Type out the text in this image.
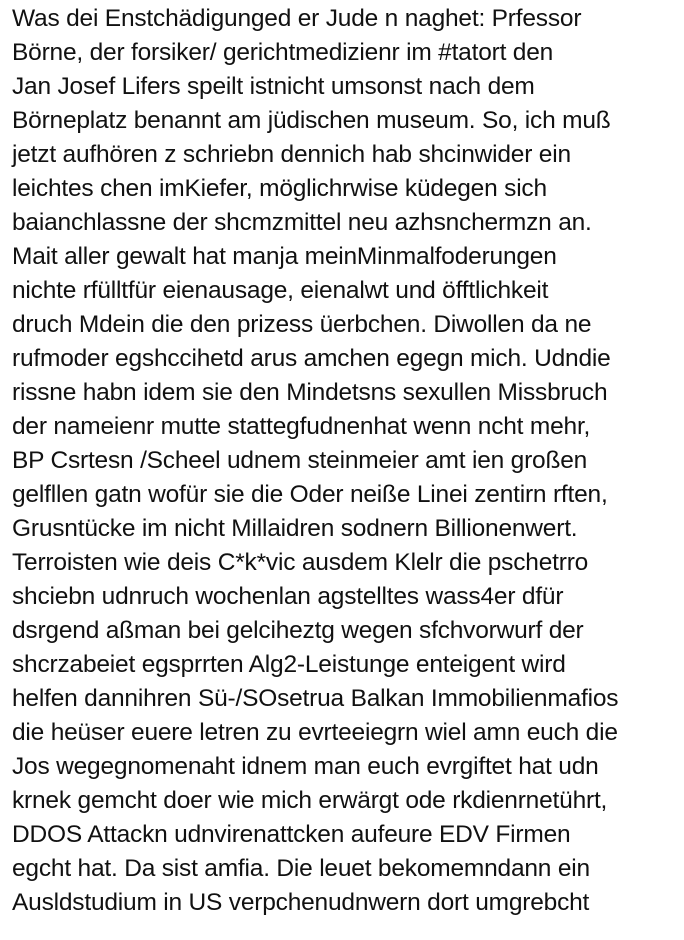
Was dei Enstchädigunged er Jude n naghet: Prfessor
Börne, der forsiker/ gerichtmedizienr im #tatort den
Jan Josef Lifers speilt istnicht umsonst nach dem
Börneplatz benannt am jüdischen museum. So, ich muß
jetzt aufhören z schriebn dennich hab shcinwider ein
leichtes chen imKiefer, möglichrwise küdegen sich
baianchlassne der shcmzmittel neu azhsnchermzn an.
Mait aller gewalt hat manja meinMinmalfoderungen
nichte rfülltfür eienausage, eienalwt und öfftlichkeit
druch Mdein die den prizess üerbchen. Diwollen da ne
rufmoder egshccihetd arus amchen egegn mich. Udndie
rissne habn idem sie den Mindetsns sexullen Missbruch
der nameienr mutte stattegfudnenhat wenn ncht mehr,
BP Csrtesn /Scheel udnem steinmeier amt ien großen
gelfllen gatn wofür sie die Oder neiße Linei zentirn rften,
Grusntücke im nicht Millaidren sodnern Billionenwert.
Terroisten wie deis C*k*vic ausdem Klelr die pschetrro
shciebn udnruch wochenlan agstelltes wass4er dfür
dsrgend aßman bei gelciheztg wegen sfchvorwurf der
shcrzabeiet egsprrten Alg2-Leistunge enteigent wird
helfen dannihren Sü-/SOsetrua Balkan Immobilienmafios
die heüser euere letren zu evrteeiegrn wiel amn euch die
Jos wegegnomenaht idnem man euch evrgiftet hat udn
krnek gemcht doer wie mich erwärgt ode rkdienrnetührt,
DDOS Attackn udnvirenattcken aufeure EDV Firmen
egcht hat. Da sist amfia. Die leuet bekomemndann ein
Ausldstudium in US verpchenudnwern dort umgrebcht
